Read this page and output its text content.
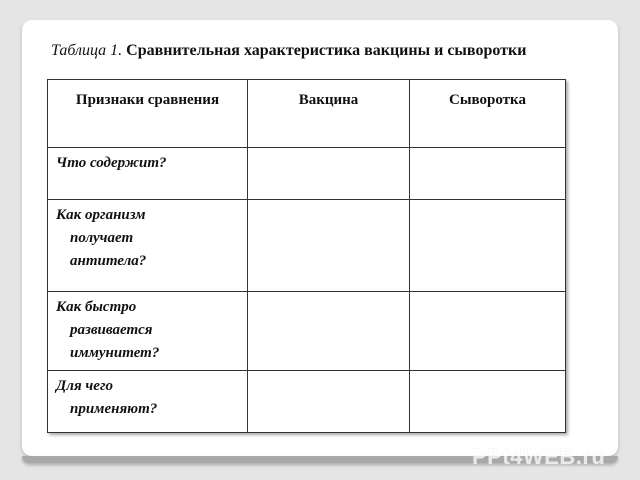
Таблица 1. Сравнительная характеристика вакцины и сыворотки
Признаки сравнения	Вакцина	Сыворотка

Что содержит?		

Как организм
получает
антитела?		

Как быстро
развивается
иммунитет?		

Для чего
применяют?		

PPt4WEB.ru
